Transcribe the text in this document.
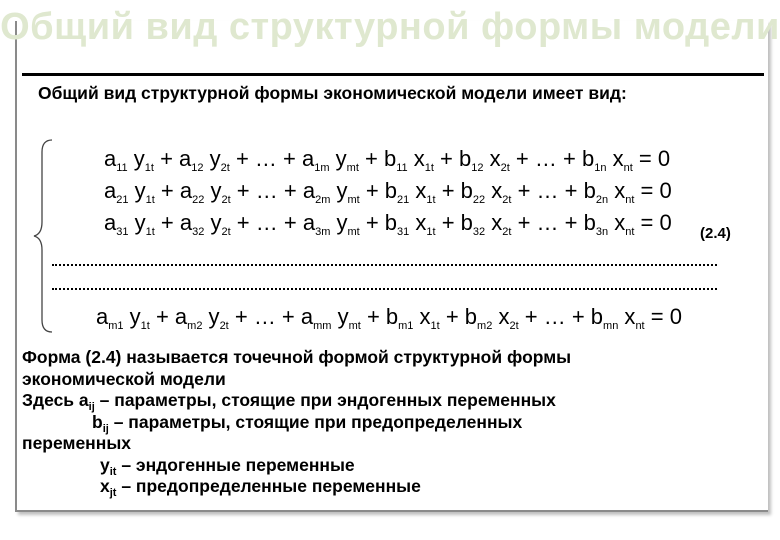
Общий вид структурной формы модели
Общий вид структурной формы экономической модели имеет вид:
$a_{11}$ $y_{1t} + a_{12}$ $y_{2t}$ + … + $a_{1m}$ $y_{mt} + b_{11}$ $x_{1t} + b_{12}$ $x_{2t}$ + … + $b_{1n}$ $x_{nt} = 0$
$a_{21}$ $y_{1t} + a_{22}$ $y_{2t}$ + … + $a_{2m}$ $y_{mt} + b_{21}$ $x_{1t} + b_{22}$ $x_{2t}$ + … + $b_{2n}$ $x_{nt} = 0$
$a_{31}$ $y_{1t} + a_{32}$ $y_{2t}$ + … + $a_{3m}$ $y_{mt} + b_{31}$ $x_{1t} + b_{32}$ $x_{2t}$ + … + $b_{3n}$ $x_{nt} = 0$ (2.4)
$a_{m1}$ $y_{1t} + a_{m2}$ $y_{2t}$ + … + $a_{mm}$ $y_{mt} + b_{m1}$ $x_{1t} + b_{m2}$ $x_{2t}$ + … + $b_{mn}$ $x_{nt} = 0$
Форма (2.4) называется точечной формой структурной формы
экономической модели
Здесь $a_{ij}$ – параметры, стоящие при эндогенных переменных
$b_{ij}$ – параметры, стоящие при предопределенных
переменных
$y_{it}$ – эндогенные переменные
$x_{jt}$ – предопределенные переменные
